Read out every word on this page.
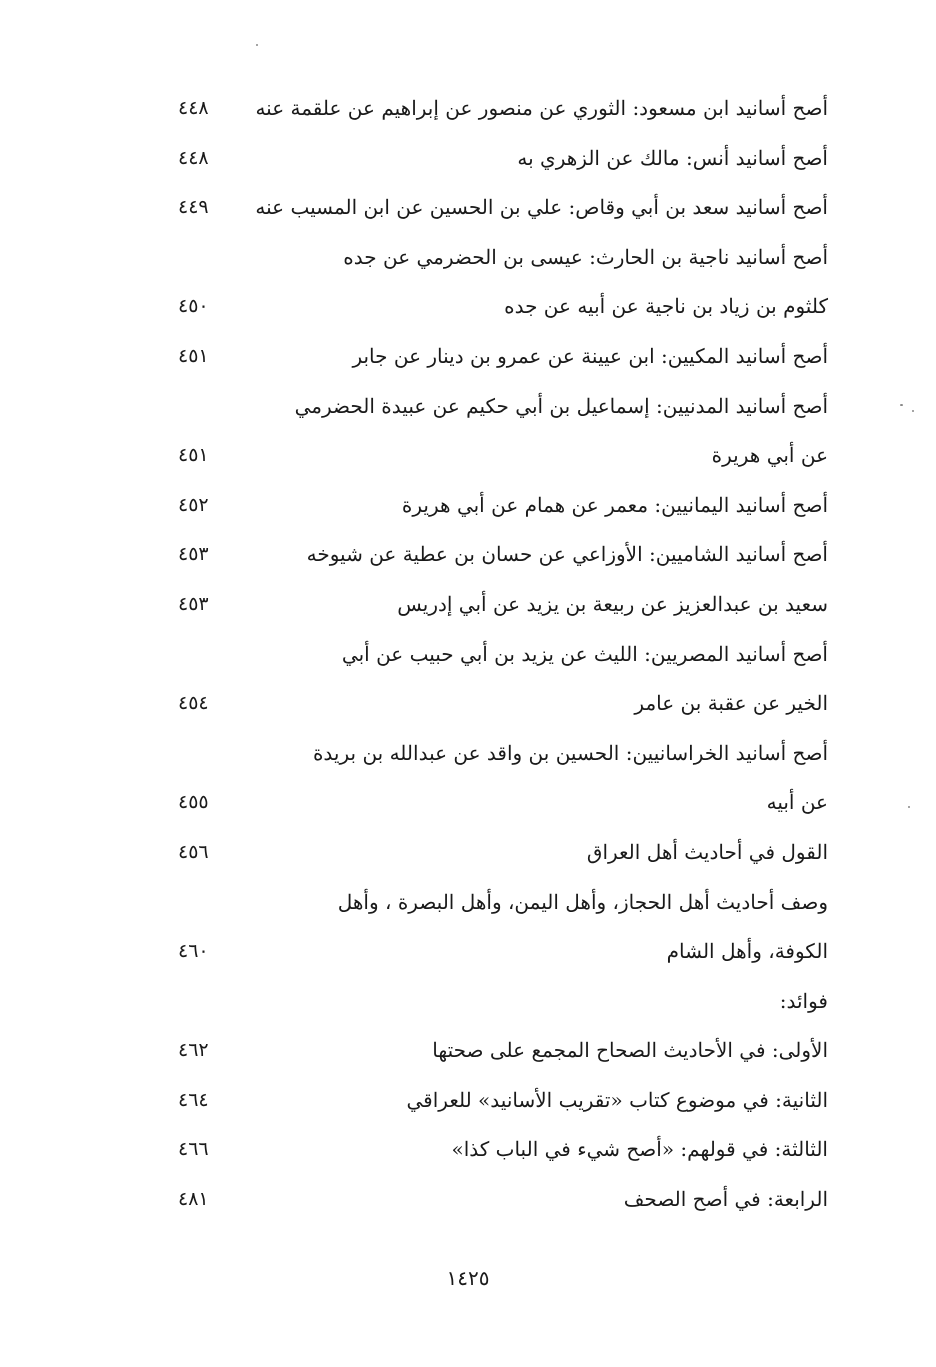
أصح أسانيد ابن مسعود: الثوري عن منصور عن إبراهيم عن علقمة عنه
٤٤٨
أصح أسانيد أنس: مالك عن الزهري به
٤٤٨
أصح أسانيد سعد بن أبي وقاص: علي بن الحسين عن ابن المسيب عنه
٤٤٩
أصح أسانيد ناجية بن الحارث: عيسى بن الحضرمي عن جده
كلثوم بن زياد بن ناجية عن أبيه عن جده
٤٥٠
أصح أسانيد المكيين: ابن عيينة عن عمرو بن دينار عن جابر
٤٥١
أصح أسانيد المدنيين: إسماعيل بن أبي حكيم عن عبيدة الحضرمي
عن أبي هريرة
٤٥١
أصح أسانيد اليمانيين: معمر عن همام عن أبي هريرة
٤٥٢
أصح أسانيد الشاميين: الأوزاعي عن حسان بن عطية عن شيوخه
٤٥٣
سعيد بن عبدالعزيز عن ربيعة بن يزيد عن أبي إدريس
٤٥٣
أصح أسانيد المصريين: الليث عن يزيد بن أبي حبيب عن أبي
الخير عن عقبة بن عامر
٤٥٤
أصح أسانيد الخراسانيين: الحسين بن واقد عن عبدالله بن بريدة
عن أبيه
٤٥٥
القول في أحاديث أهل العراق
٤٥٦
وصف أحاديث أهل الحجاز، وأهل اليمن، وأهل البصرة ، وأهل
الكوفة، وأهل الشام
٤٦٠
فوائد:
الأولى: في الأحاديث الصحاح المجمع على صحتها
٤٦٢
الثانية: في موضوع كتاب «تقريب الأسانيد» للعراقي
٤٦٤
الثالثة: في قولهم: «أصح شيء في الباب كذا»
٤٦٦
الرابعة: في أصح الصحف
٤٨١
١٤٢٥
